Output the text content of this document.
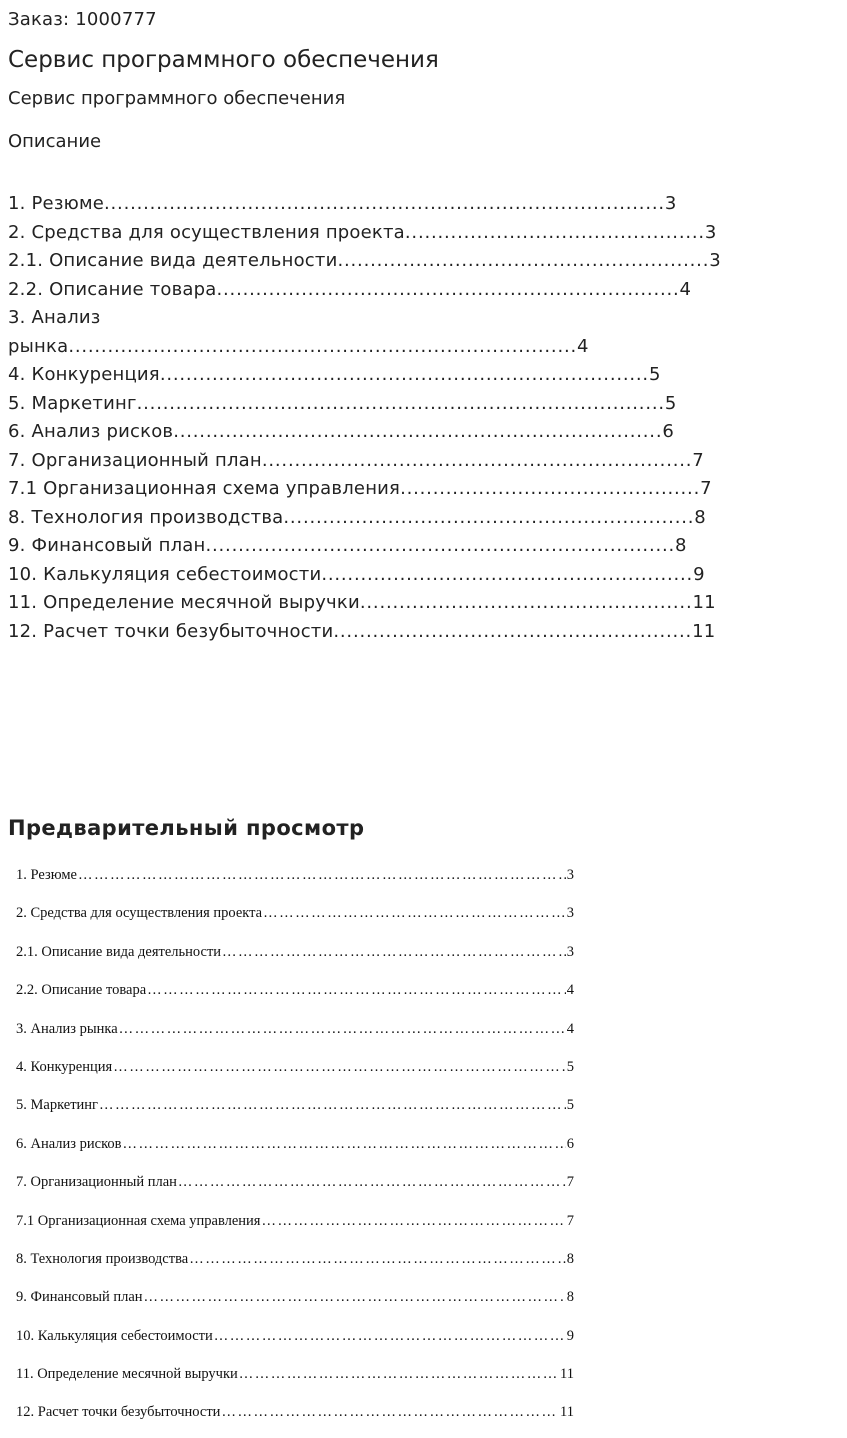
Заказ: 1000777
Сервис программного обеспечения
Сервис программного обеспечения
Описание
1. Резюме......................................................................................3
2. Средства для осуществления проекта..............................................3
2.1. Описание вида деятельности.........................................................3
2.2. Описание товара.......................................................................4
3. Анализ
рынка..............................................................................4
4. Конкуренция...........................................................................5
5. Маркетинг.................................................................................5
6. Анализ рисков...........................................................................6
7. Организационный план..................................................................7
7.1 Организационная схема управления..............................................7
8. Технология производства...............................................................8
9. Финансовый план........................................................................8
10. Калькуляция себестоимости.........................................................9
11. Определение месячной выручки...................................................11
12. Расчет точки безубыточности.......................................................11
Предварительный просмотр
1. Резюме ………………………………………………………………………………………………………………………	3
2. Средства для осуществления проекта ………………………………………………………………………………………………………………………	3
2.1. Описание вида деятельности ………………………………………………………………………………………………………………………	3
2.2. Описание товара ………………………………………………………………………………………………………………………	4
3. Анализ рынка ………………………………………………………………………………………………………………………	4
4. Конкуренция ………………………………………………………………………………………………………………………	5
5. Маркетинг ………………………………………………………………………………………………………………………	5
6. Анализ рисков ………………………………………………………………………………………………………………………	6
7. Организационный план ………………………………………………………………………………………………………………………	7
7.1 Организационная схема управления ………………………………………………………………………………………………………………………	7
8. Технология производства ………………………………………………………………………………………………………………………	8
9. Финансовый план ………………………………………………………………………………………………………………………	8
10. Калькуляция себестоимости ………………………………………………………………………………………………………………………	9
11. Определение месячной выручки ………………………………………………………………………………………………………………………	11
12. Расчет точки безубыточности ………………………………………………………………………………………………………………………	11
